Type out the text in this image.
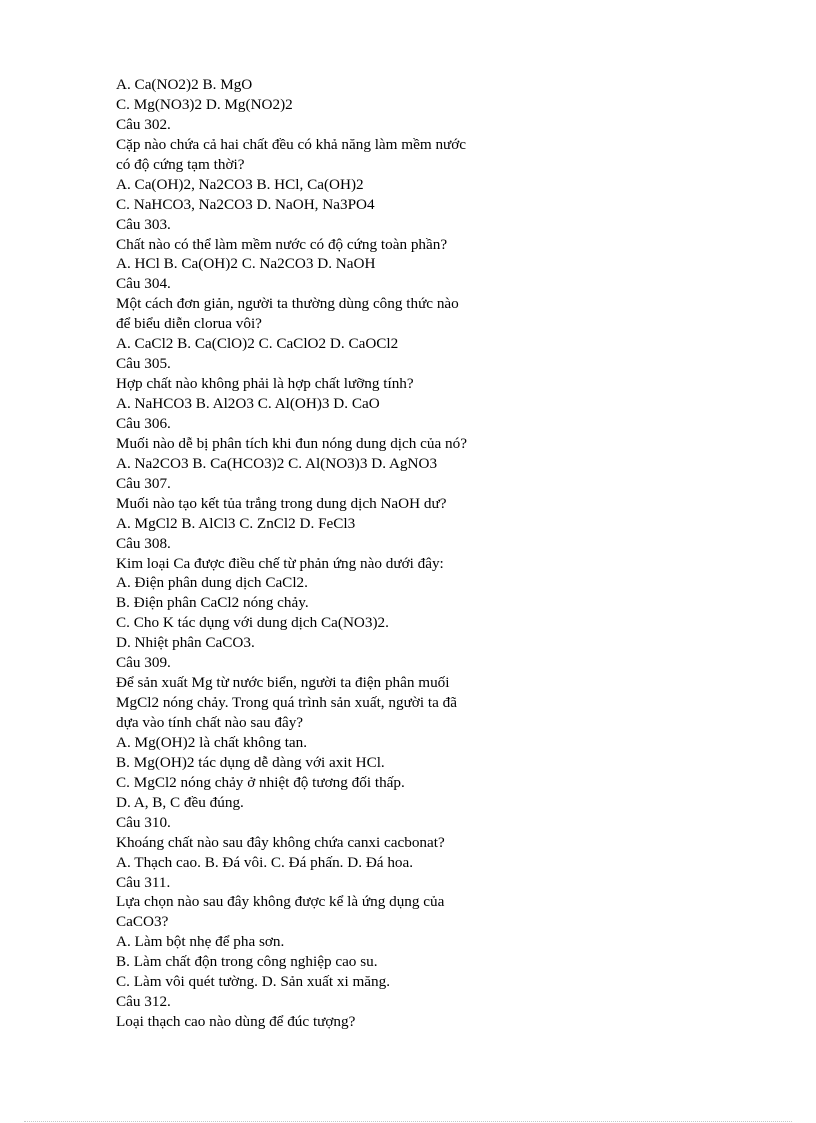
A. Ca(NO2)2 B. MgO
C. Mg(NO3)2 D. Mg(NO2)2
Câu 302.
Cặp nào chứa cả hai chất đều có khả năng làm mềm nước
có độ cứng tạm thời?
A. Ca(OH)2, Na2CO3 B. HCl, Ca(OH)2
C. NaHCO3, Na2CO3 D. NaOH, Na3PO4
Câu 303.
Chất nào có thể làm mềm nước có độ cứng toàn phần?
A. HCl B. Ca(OH)2 C. Na2CO3 D. NaOH
Câu 304.
Một cách đơn giản, người ta thường dùng công thức nào
để biểu diễn clorua vôi?
A. CaCl2 B. Ca(ClO)2 C. CaClO2 D. CaOCl2
Câu 305.
Hợp chất nào không phải là hợp chất lưỡng tính?
A. NaHCO3 B. Al2O3 C. Al(OH)3 D. CaO
Câu 306.
Muối nào dễ bị phân tích khi đun nóng dung dịch của nó?
A. Na2CO3 B. Ca(HCO3)2 C. Al(NO3)3 D. AgNO3
Câu 307.
Muối nào tạo kết tủa trắng trong dung dịch NaOH dư?
A. MgCl2 B. AlCl3 C. ZnCl2 D. FeCl3
Câu 308.
Kim loại Ca được điều chế từ phản ứng nào dưới đây:
A. Điện phân dung dịch CaCl2.
B. Điện phân CaCl2 nóng chảy.
C. Cho K tác dụng với dung dịch Ca(NO3)2.
D. Nhiệt phân CaCO3.
Câu 309.
Để sản xuất Mg từ nước biển, người ta điện phân muối
MgCl2 nóng chảy. Trong quá trình sản xuất, người ta đã
dựa vào tính chất nào sau đây?
A. Mg(OH)2 là chất không tan.
B. Mg(OH)2 tác dụng dễ dàng với axit HCl.
C. MgCl2 nóng chảy ở nhiệt độ tương đối thấp.
D. A, B, C đều đúng.
Câu 310.
Khoáng chất nào sau đây không chứa canxi cacbonat?
A. Thạch cao. B. Đá vôi. C. Đá phấn. D. Đá hoa.
Câu 311.
Lựa chọn nào sau đây không được kể là ứng dụng của
CaCO3?
A. Làm bột nhẹ để pha sơn.
B. Làm chất độn trong công nghiệp cao su.
C. Làm vôi quét tường. D. Sản xuất xi măng.
Câu 312.
Loại thạch cao nào dùng để đúc tượng?
